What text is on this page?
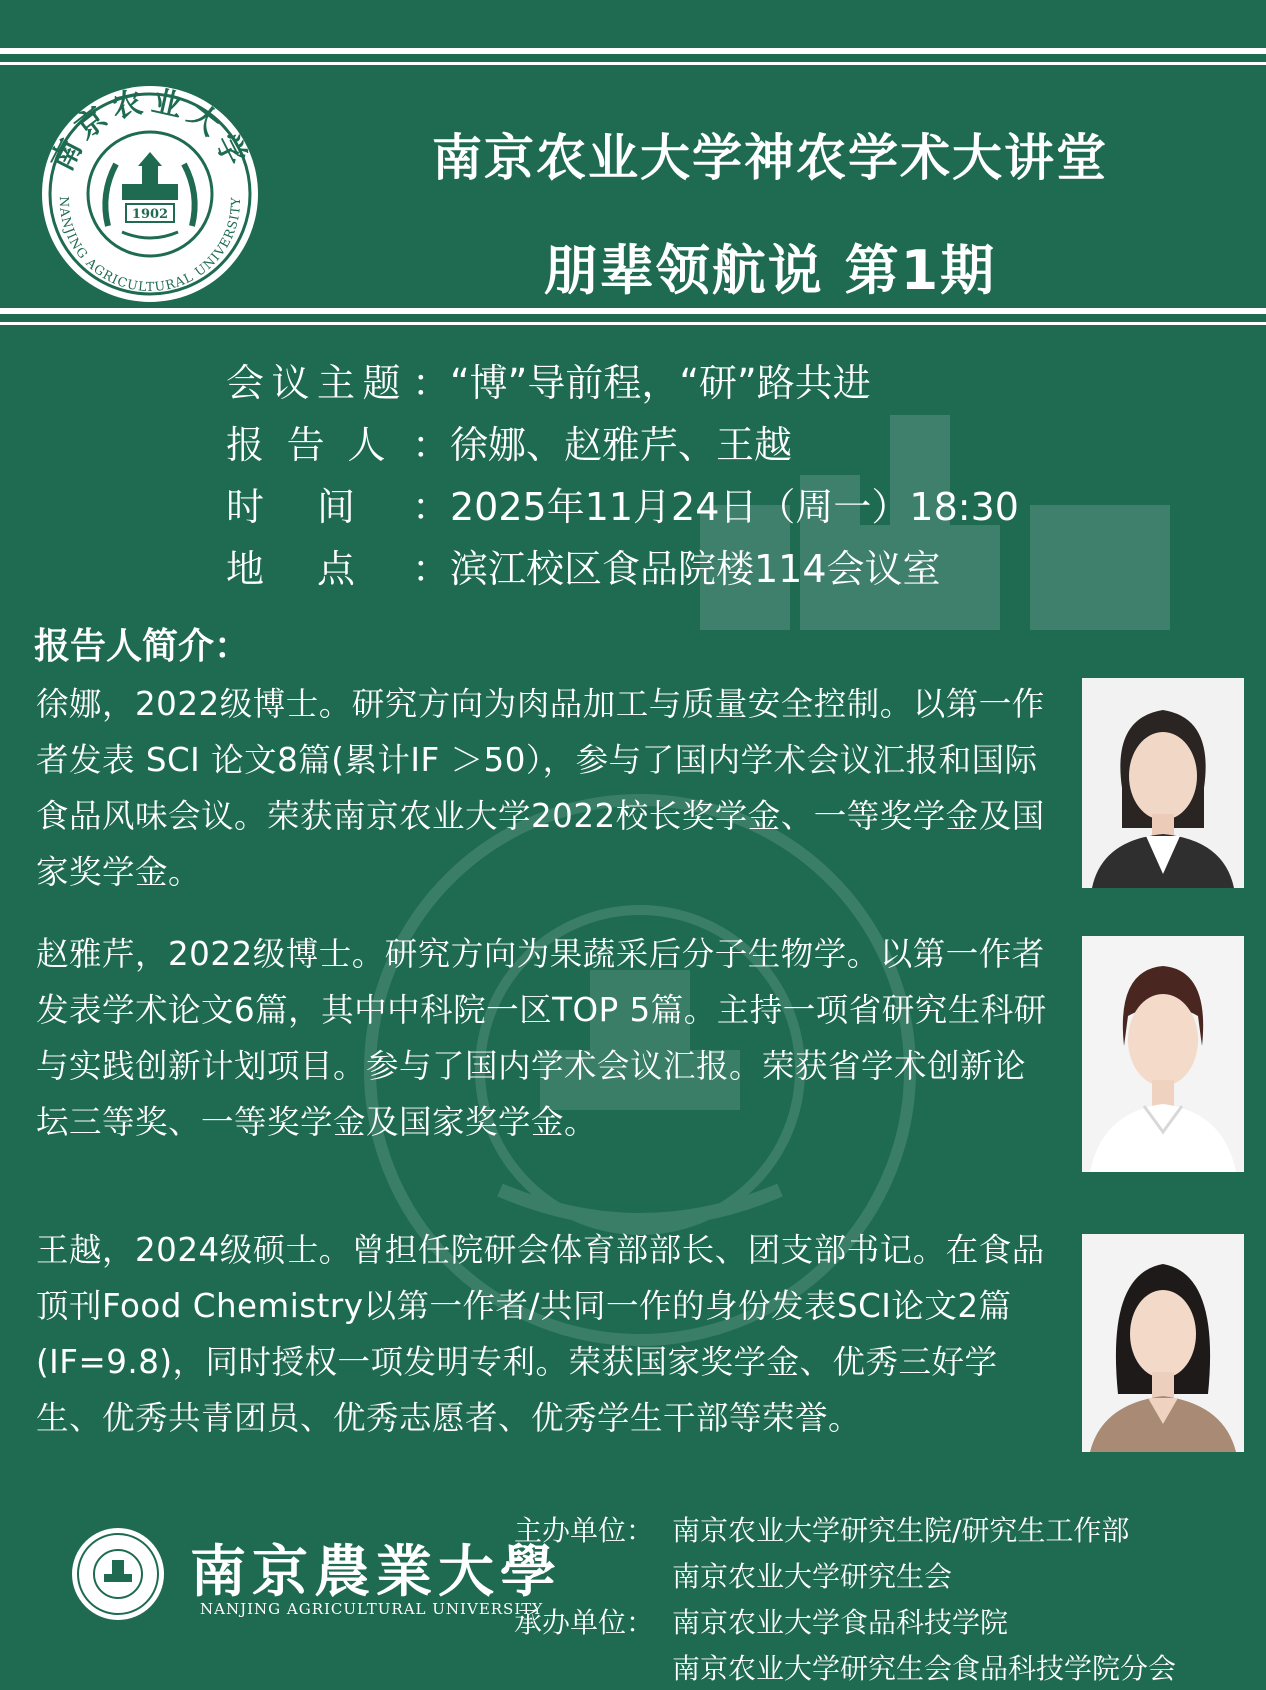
南京农业大学
NANJING AGRICULTURAL UNIVERSITY
1902
南京农业大学神农学术大讲堂
朋辈领航说 第1期
会 议 主 题 ： “博”导前程，“研”路共进
报 告 人 ： 徐娜、赵雅芹、王越
时 间 ： 2025年11月24日（周一）18:30
地 点 ： 滨江校区食品院楼114会议室
报告人简介：
徐娜，2022级博士。研究方向为肉品加工与质量安全控制。以第一作者发表 SCI 论文8篇(累计IF ＞50），参与了国内学术会议汇报和国际食品风味会议。荣获南京农业大学2022校长奖学金、一等奖学金及国家奖学金。
赵雅芹，2022级博士。研究方向为果蔬采后分子生物学。以第一作者发表学术论文6篇，其中中科院一区TOP 5篇。主持一项省研究生科研与实践创新计划项目。参与了国内学术会议汇报。荣获省学术创新论坛三等奖、一等奖学金及国家奖学金。
王越，2024级硕士。曾担任院研会体育部部长、团支部书记。在食品顶刊Food Chemistry以第一作者/共同一作的身份发表SCI论文2篇(IF=9.8)，同时授权一项发明专利。荣获国家奖学金、优秀三好学生、优秀共青团员、优秀志愿者、优秀学生干部等荣誉。
南京農業大學
NANJING AGRICULTURAL UNIVERSITY
主办单位： 南京农业大学研究生院/研究生工作部
南京农业大学研究生会
承办单位： 南京农业大学食品科技学院
南京农业大学研究生会食品科技学院分会
